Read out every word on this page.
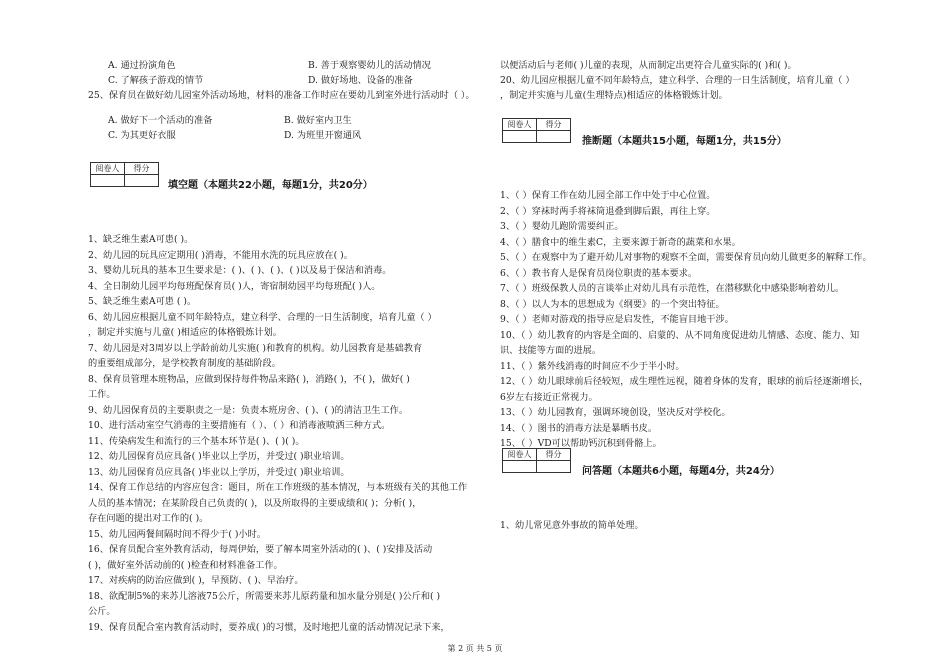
A. 通过扮演角色	B. 善于观察婴幼儿的活动情况
C. 了解孩子游戏的情节	D. 做好场地、设备的准备
25、保育员在做好幼儿园室外活动场地，材料的准备工作时应在要幼儿到室外进行活动时（ ）。
A. 做好下一个活动的准备	B. 做好室内卫生
C. 为其更好衣服	D. 为班里开窗通风
阅卷人	得分

填空题（本题共22小题，每题1分，共20分）
1、缺乏维生素A可患( )。
2、幼儿园的玩具应定期用( )消毒，不能用水洗的玩具应放在( )。
3、婴幼儿玩具的基本卫生要求是：( )、( )、( )、( )以及易于保洁和消毒。
4、全日制幼儿园平均每班配保育员( )人，寄宿制幼园平均每班配( )人。
5、缺乏维生素A可患 ( )。
6、幼儿园应根据儿童不同年龄特点，建立科学、合理的一日生活制度，培育儿童（ ）
，制定并实施与儿童( )相适应的体格锻炼计划。
7、幼儿园是对3周岁以上学龄前幼儿实施( )和教育的机构。幼儿园教育是基础教育
的重要组成部分，是学校教育制度的基础阶段。
8、保育员管理本班物品，应做到保持每件物品来路( )，消路( )，不( )，做好( )
工作。
9、幼儿园保育员的主要职责之一是：负责本班房舍、( )、( )的清洁卫生工作。
10、进行活动室空气消毒的主要措施有（ ）、（ ）和消毒液喷洒三种方式。
11、传染病发生和流行的三个基本环节是( )、( )( )。
12、幼儿园保育员应具备( )毕业以上学历，并受过( )职业培训。
13、幼儿园保育员应具备( )毕业以上学历，并受过( )职业培训。
14、保育工作总结的内容应包含：题目，所在工作班级的基本情况，与本班级有关的其他工作
人员的基本情况；在某阶段自己负责的( )，以及所取得的主要成绩和( )；分析( )，
存在问题的提出对工作的( )。
15、幼儿园两餐间隔时间不得少于( )小时。
16、保育员配合室外教育活动，每周伊始，要了解本周室外活动的( )、( )安排及活动
( )，做好室外活动前的( )检查和材料准备工作。
17、对疾病的防治应做到( )，早预防、( )、早治疗。
18、欲配制5%的来苏儿溶液75公斤，所需要来苏儿原药量和加水量分别是( )公斤和( )
公斤。
19、保育员配合室内教育活动时，要养成( )的习惯，及时地把儿童的活动情况记录下来，
以便活动后与老师( )儿童的表现，从而制定出更符合儿童实际的( )和( )。
20、幼儿园应根据儿童不同年龄特点，建立科学、合理的一日生活制度，培育儿童（ ）
，制定并实施与儿童(生理特点)相适应的体格锻炼计划。
阅卷人	得分

推断题（本题共15小题，每题1分，共15分）
1、（ ）保育工作在幼儿园全部工作中处于中心位置。
2、（ ）穿袜时两手将袜筒退叠到脚后跟，再往上穿。
3、（ ）婴幼儿跑阶需要纠正。
4、（ ）膳食中的维生素C，主要来源于新奇的蔬菜和水果。
5、（ ）在观察中为了避开幼儿对事物的观察不全面，需要保育员向幼儿做更多的解释工作。
6、（ ）教书育人是保育员岗位职责的基本要求。
7、（ ）班级保教人员的言谈举止对幼儿具有示范性，在潜移默化中感染影响着幼儿。
8、（ ）以人为本的思想成为《纲要》的一个突出特征。
9、（ ）老师对游戏的指导应是启发性，不能盲目地干涉。
10、（ ）幼儿教育的内容是全面的、启蒙的、从不同角度促进幼儿情感、态度、能力、知
识、技能等方面的进展。
11、（ ）紫外线消毒的时间应不少于半小时。
12、（ ）幼儿眼球前后径较短，成生理性远视，随着身体的发育，眼球的前后径逐渐增长，
6岁左右接近正常视力。
13、（ ）幼儿园教育，强调环境创设，坚决反对学校化。
14、（ ）图书的消毒方法是暴晒书皮。
15、（ ）VD可以帮助钙沉积到骨骼上。
阅卷人	得分

问答题（本题共6小题，每题4分，共24分）
1、幼儿常见意外事故的简单处理。
第 2 页 共 5 页
